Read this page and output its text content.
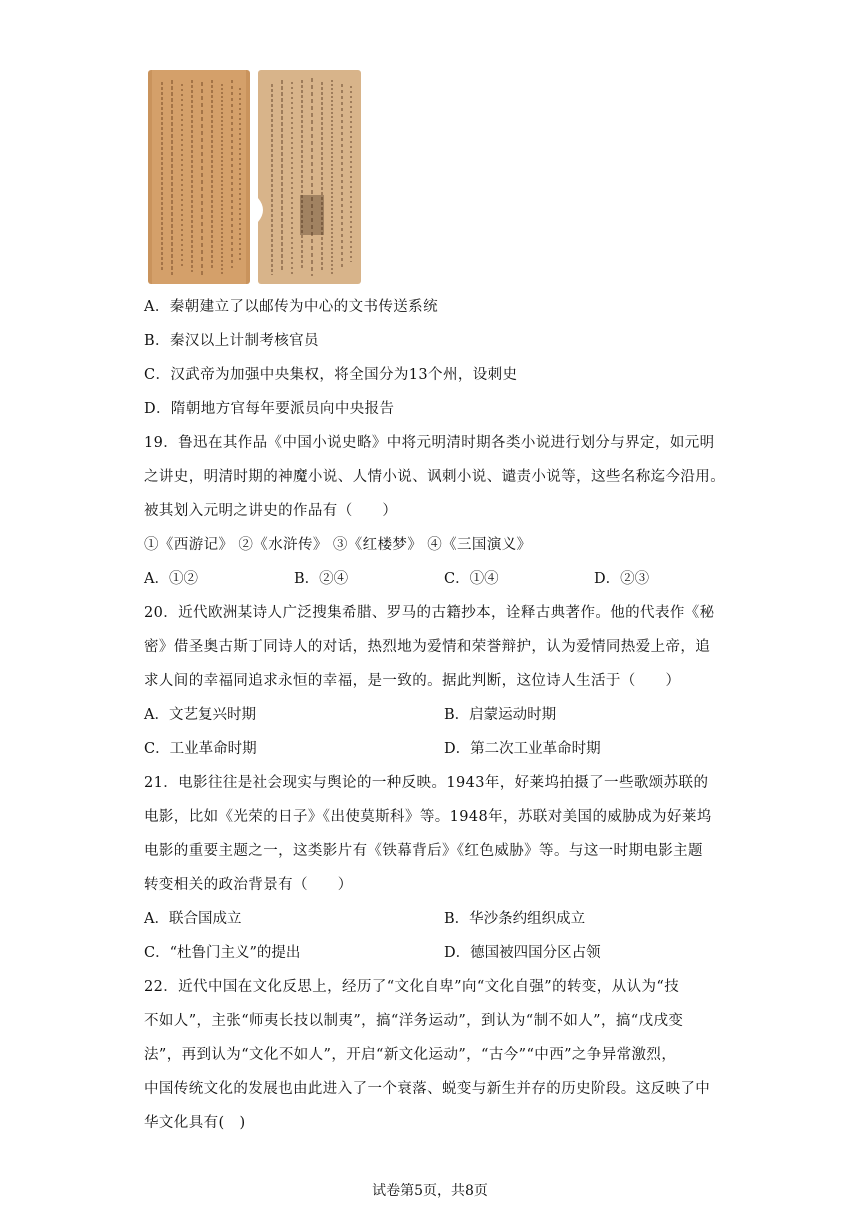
A．秦朝建立了以邮传为中心的文书传送系统
B．秦汉以上计制考核官员
C．汉武帝为加强中央集权，将全国分为13个州，设刺史
D．隋朝地方官每年要派员向中央报告
19．鲁迅在其作品《中国小说史略》中将元明清时期各类小说进行划分与界定，如元明
之讲史，明清时期的神魔小说、人情小说、讽刺小说、谴责小说等，这些名称迄今沿用。
被其划入元明之讲史的作品有（　　）
①《西游记》 ②《水浒传》 ③《红楼梦》 ④《三国演义》
A．①②	B．②④	C．①④	D．②③
20．近代欧洲某诗人广泛搜集希腊、罗马的古籍抄本，诠释古典著作。他的代表作《秘
密》借圣奥古斯丁同诗人的对话，热烈地为爱情和荣誉辩护，认为爱情同热爱上帝，追
求人间的幸福同追求永恒的幸福，是一致的。据此判断，这位诗人生活于（　　）
A．文艺复兴时期	B．启蒙运动时期
C．工业革命时期	D．第二次工业革命时期
21．电影往往是社会现实与舆论的一种反映。1943年，好莱坞拍摄了一些歌颂苏联的
电影，比如《光荣的日子》《出使莫斯科》等。1948年，苏联对美国的威胁成为好莱坞
电影的重要主题之一，这类影片有《铁幕背后》《红色威胁》等。与这一时期电影主题
转变相关的政治背景有（　　）
A．联合国成立	B．华沙条约组织成立
C．“杜鲁门主义”的提出	D．德国被四国分区占领
22．近代中国在文化反思上，经历了“文化自卑”向“文化自强”的转变，从认为“技
不如人”，主张“师夷长技以制夷”，搞“洋务运动”，到认为“制不如人”，搞“戊戌变
法”，再到认为“文化不如人”，开启“新文化运动”，“古今”“中西”之争异常激烈，
中国传统文化的发展也由此进入了一个衰落、蜕变与新生并存的历史阶段。这反映了中
华文化具有(　)
试卷第5页，共8页
